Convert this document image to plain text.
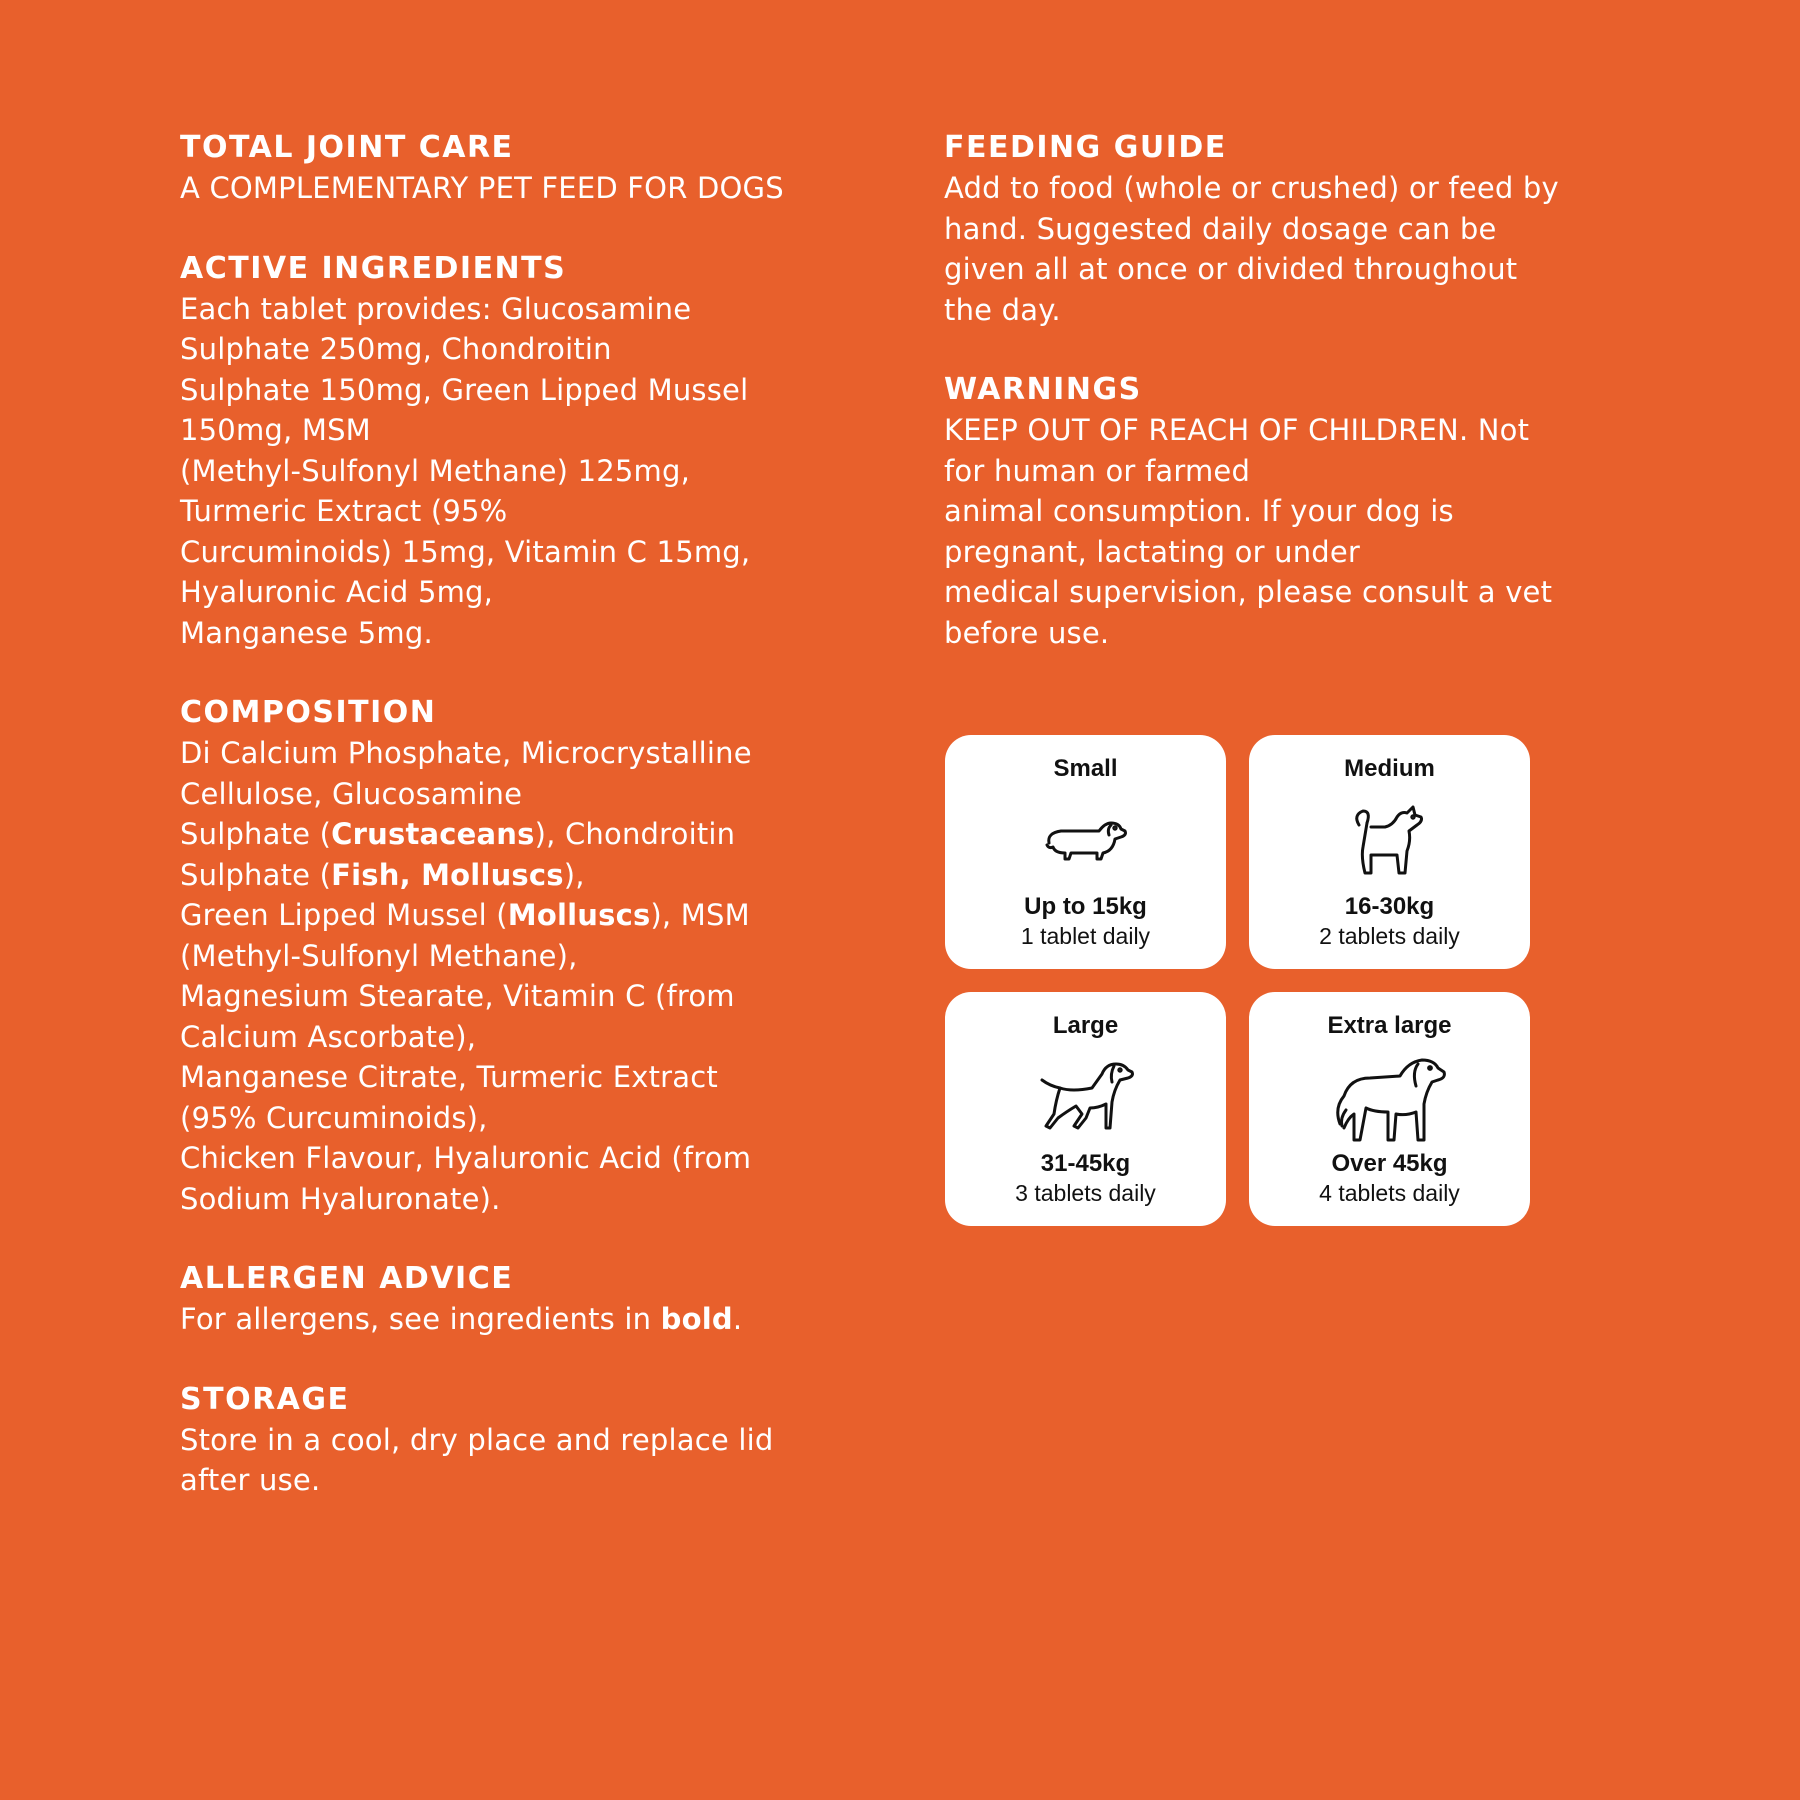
TOTAL JOINT CARE

A COMPLEMENTARY PET FEED FOR DOGS

ACTIVE INGREDIENTS

Each tablet provides: Glucosamine
Sulphate 250mg, Chondroitin
Sulphate 150mg, Green Lipped Mussel
150mg, MSM
(Methyl-Sulfonyl Methane) 125mg,
Turmeric Extract (95%
Curcuminoids) 15mg, Vitamin C 15mg,
Hyaluronic Acid 5mg,
Manganese 5mg.

COMPOSITION

Di Calcium Phosphate, Microcrystalline
Cellulose, Glucosamine
Sulphate (Crustaceans), Chondroitin
Sulphate (Fish, Molluscs),
Green Lipped Mussel (Molluscs), MSM
(Methyl-Sulfonyl Methane),
Magnesium Stearate, Vitamin C (from
Calcium Ascorbate),
Manganese Citrate, Turmeric Extract
(95% Curcuminoids),
Chicken Flavour, Hyaluronic Acid (from
Sodium Hyaluronate).

ALLERGEN ADVICE

For allergens, see ingredients in bold.

STORAGE

Store in a cool, dry place and replace lid
after use.

FEEDING GUIDE

Add to food (whole or crushed) or feed by
hand. Suggested daily dosage can be
given all at once or divided throughout
the day.

WARNINGS

KEEP OUT OF REACH OF CHILDREN. Not
for human or farmed
animal consumption. If your dog is
pregnant, lactating or under
medical supervision, please consult a vet
before use.

Small
Up to 15kg
1 tablet daily
Medium
16-30kg
2 tablets daily
Large
31-45kg
3 tablets daily
Extra large
Over 45kg
4 tablets daily
